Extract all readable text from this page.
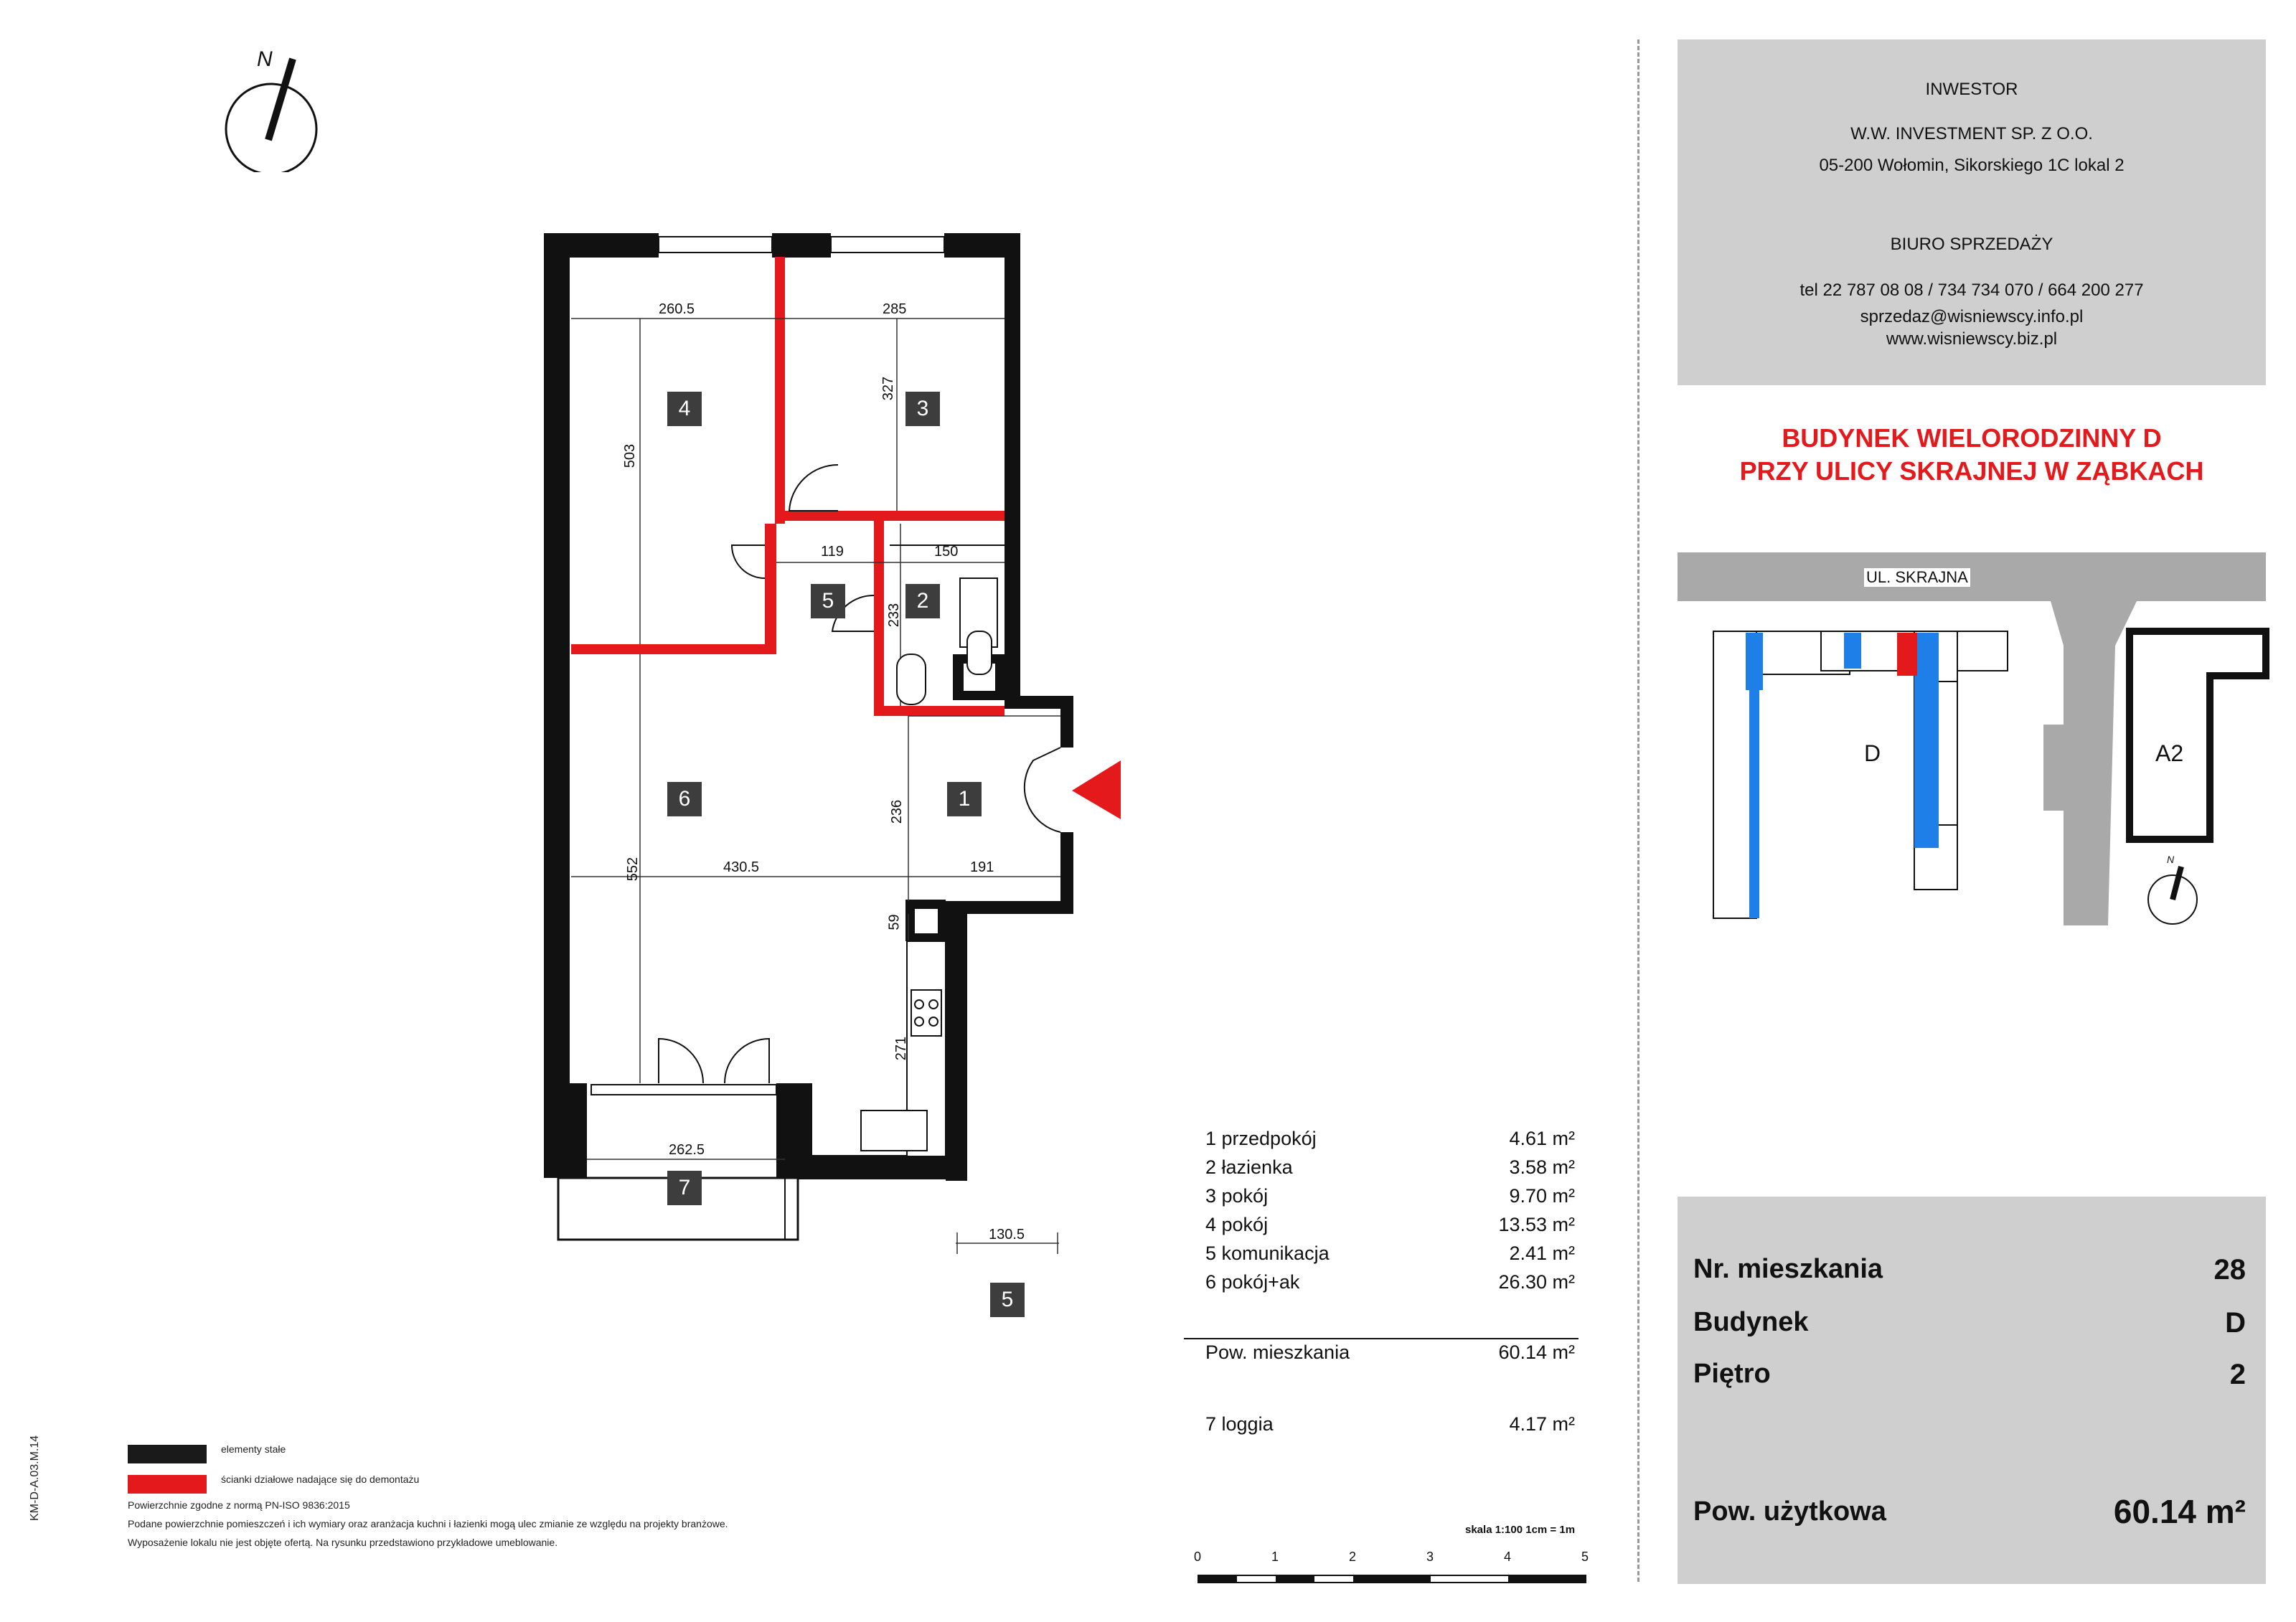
N
4	3
5	2
6	1
7
5
260.5	285
327
503
119	150
233
236
552	430.5	191
59
271
262.5
130.5
INWESTOR
W.W. INVESTMENT SP. Z O.O.
05-200 Wołomin, Sikorskiego 1C lokal 2
BIURO SPRZEDAŻY
tel 22 787 08 08 / 734 734 070 / 664 200 277
sprzedaz@wisniewscy.info.pl
www.wisniewscy.biz.pl
BUDYNEK WIELORODZINNY D
PRZY ULICY SKRAJNEJ W ZĄBKACH
UL. SKRAJNA
D	A2
N
1 przedpokój	4.61 m²
2 łazienka	3.58 m²
3 pokój	9.70 m²
4 pokój	13.53 m²
5 komunikacja	2.41 m²
6 pokój+ak	26.30 m²
Pow. mieszkania	60.14 m²
7 loggia	4.17 m²
skala 1:100 1cm = 1m
0	1	2	3	4	5
elementy stałe
ścianki działowe nadające się do demontażu
Powierzchnie zgodne z normą PN-ISO 9836:2015
Podane powierzchnie pomieszczeń i ich wymiary oraz aranżacja kuchni i łazienki mogą ulec zmianie ze względu na projekty branżowe.
Wyposażenie lokalu nie jest objęte ofertą. Na rysunku przedstawiono przykładowe umeblowanie.
KM-D-A.03.M.14
Nr. mieszkania	28
Budynek	D
Piętro	2
Pow. użytkowa	60.14 m²
